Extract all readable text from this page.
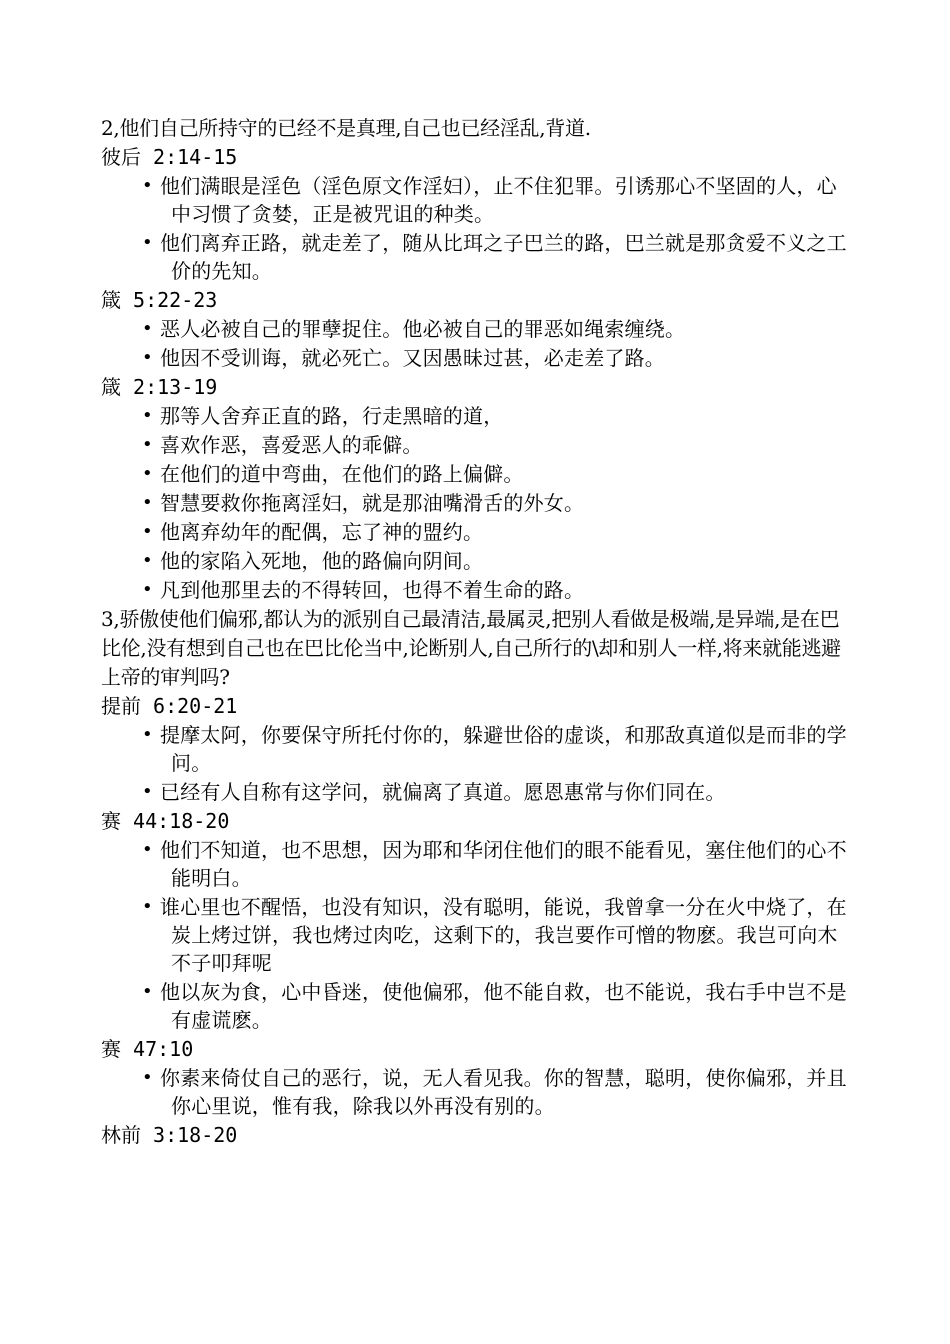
2,他们自己所持守的已经不是真理,自己也已经淫乱,背道.

彼后 2:14-15
• 他们满眼是淫色（淫色原文作淫妇），止不住犯罪。引诱那心不坚固的人，心中习惯了贪婪，正是被咒诅的种类。
• 他们离弃正路，就走差了，随从比珥之子巴兰的路，巴兰就是那贪爱不义之工价的先知。
箴 5:22-23
• 恶人必被自己的罪孽捉住。他必被自己的罪恶如绳索缠绕。
• 他因不受训诲，就必死亡。又因愚昧过甚，必走差了路。
箴 2:13-19
• 那等人舍弃正直的路，行走黑暗的道，
• 喜欢作恶，喜爱恶人的乖僻。
• 在他们的道中弯曲，在他们的路上偏僻。
• 智慧要救你拖离淫妇，就是那油嘴滑舌的外女。
• 他离弃幼年的配偶，忘了神的盟约。
• 他的家陷入死地，他的路偏向阴间。
• 凡到他那里去的不得转回，也得不着生命的路。

3,骄傲使他们偏邪,都认为的派别自己最清洁,最属灵,把别人看做是极端,是异端,是在巴比伦,没有想到自己也在巴比伦当中,论断别人,自己所行的\却和别人一样,将来就能逃避上帝的审判吗?

提前 6:20-21
• 提摩太阿，你要保守所托付你的，躲避世俗的虚谈，和那敌真道似是而非的学问。
• 已经有人自称有这学问，就偏离了真道。愿恩惠常与你们同在。
赛 44:18-20
• 他们不知道，也不思想，因为耶和华闭住他们的眼不能看见，塞住他们的心不能明白。
• 谁心里也不醒悟，也没有知识，没有聪明，能说，我曾拿一分在火中烧了，在炭上烤过饼，我也烤过肉吃，这剩下的，我岂要作可憎的物麽。我岂可向木不子叩拜呢
• 他以灰为食，心中昏迷，使他偏邪，他不能自救，也不能说，我右手中岂不是有虚谎麽。
赛 47:10
• 你素来倚仗自己的恶行，说，无人看见我。你的智慧，聪明，使你偏邪，并且你心里说，惟有我，除我以外再没有别的。
林前 3:18-20
